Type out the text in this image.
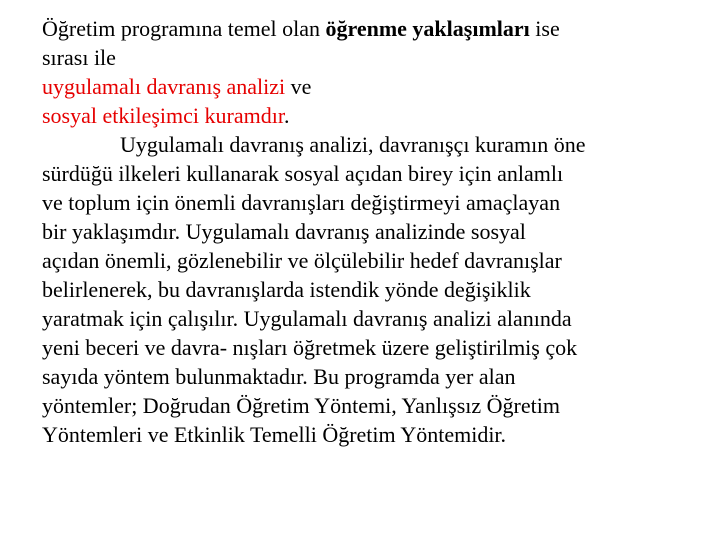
Öğretim programına temel olan öğrenme yaklaşımları ise
sırası ile
uygulamalı davranış analizi ve
sosyal etkileşimci kuramdır.
Uygulamalı davranış analizi, davranışçı kuramın öne
sürdüğü ilkeleri kullanarak sosyal açıdan birey için anlamlı
ve toplum için önemli davranışları değiştirmeyi amaçlayan
bir yaklaşımdır. Uygulamalı davranış analizinde sosyal
açıdan önemli, gözlenebilir ve ölçülebilir hedef davranışlar
belirlenerek, bu davranışlarda istendik yönde değişiklik
yaratmak için çalışılır. Uygulamalı davranış analizi alanında
yeni beceri ve davra- nışları öğretmek üzere geliştirilmiş çok
sayıda yöntem bulunmaktadır. Bu programda yer alan
yöntemler; Doğrudan Öğretim Yöntemi, Yanlışsız Öğretim
Yöntemleri ve Etkinlik Temelli Öğretim Yöntemidir.
